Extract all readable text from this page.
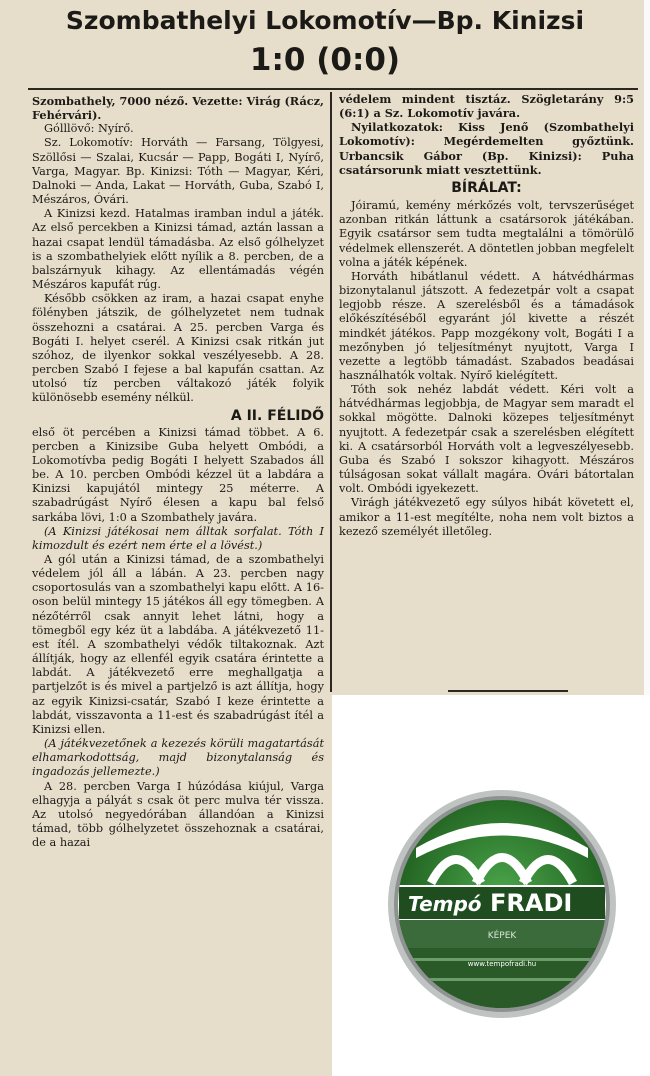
Szombathelyi Lokomotív—Bp. Kinizsi
1:0 (0:0)

Szombathely, 7000 néző. Vezette: Virág (Rácz, Fehérvári).

Gólllövő: Nyírő.

Sz. Lokomotív: Horváth — Farsang, Tölgyesi, Szöllősi — Szalai, Kucsár — Papp, Bogáti I, Nyírő, Varga, Magyar. Bp. Kinizsi: Tóth — Magyar, Kéri, Dalnoki — Anda, Lakat — Horváth, Guba, Szabó I, Mészáros, Óvári.

A Kinizsi kezd. Hatalmas iramban indul a játék. Az első percekben a Kinizsi támad, aztán lassan a hazai csapat lendül támadásba. Az első gólhelyzet is a szombathelyiek előtt nyílik a 8. percben, de a balszárnyuk kihagy. Az ellentámadás végén Mészáros kapufát rúg.

Később csökken az iram, a hazai csapat enyhe fölényben játszik, de gólhelyzetet nem tudnak összehozni a csatárai. A 25. percben Varga és Bogáti I. helyet cserél. A Kinizsi csak ritkán jut szóhoz, de ilyenkor sokkal veszélyesebb. A 28. percben Szabó I fejese a bal kapufán csattan. Az utolsó tíz percben váltakozó játék folyik különösebb esemény nélkül.

A II. FÉLIDŐ

első öt percében a Kinizsi támad többet. A 6. percben a Kinizsibe Guba helyett Ombódi, a Lokomotívba pedig Bogáti I helyett Szabados áll be. A 10. percben Ombódi kézzel üt a labdára a Kinizsi kapujától mintegy 25 méterre. A szabadrúgást Nyírő élesen a kapu bal felső sarkába lövi, 1:0 a Szombathely javára.

(A Kinizsi játékosai nem álltak sorfalat. Tóth I kimozdult és ezért nem érte el a lövést.)

A gól után a Kinizsi támad, de a szombathelyi védelem jól áll a lábán. A 23. percben nagy csoportosulás van a szombathelyi kapu előtt. A 16-oson belül mintegy 15 játékos áll egy tömegben. A nézőtérről csak annyit lehet látni, hogy a tömegből egy kéz üt a labdába. A játékvezető 11-est ítél. A szombathelyi védők tiltakoznak. Azt állítják, hogy az ellenfél egyik csatára érintette a labdát. A játékvezető erre meghallgatja a partjelzőt is és mivel a partjelző is azt állítja, hogy az egyik Kinizsi-csatár, Szabó I keze érintette a labdát, visszavonta a 11-est és szabadrúgást ítél a Kinizsi ellen.

(A játékvezetőnek a kezezés körüli magatartását elhamarkodottság, majd bizonytalanság és ingadozás jellemezte.)

A 28. percben Varga I húzódása kiújul, Varga elhagyja a pályát s csak öt perc mulva tér vissza. Az utolsó negyedórában állandóan a Kinizsi támad, több gólhelyzetet összehoznak a csatárai, de a hazai

védelem mindent tisztáz. Szögletarány 9:5 (6:1) a Sz. Lokomotív javára.

Nyilatkozatok: Kiss Jenő (Szombathelyi Lokomotív): Megérdemelten győztünk. Urbancsik Gábor (Bp. Kinizsi): Puha csatársorunk miatt vesztettünk.

BÍRÁLAT:

Jóiramú, kemény mérkőzés volt, tervszerűséget azonban ritkán láttunk a csatársorok játékában. Egyik csatársor sem tudta megtalálni a tömörülő védelmek ellenszerét. A döntetlen jobban megfelelt volna a játék képének.

Horváth hibátlanul védett. A hátvédhármas bizonytalanul játszott. A fedezetpár volt a csapat legjobb része. A szerelésből és a támadások előkészítéséből egyaránt jól kivette a részét mindkét játékos. Papp mozgékony volt, Bogáti I a mezőnyben jó teljesítményt nyujtott, Varga I vezette a legtöbb támadást. Szabados beadásai használhatók voltak. Nyírő kielégített.

Tóth sok nehéz labdát védett. Kéri volt a hátvédhármas legjobbja, de Magyar sem maradt el sokkal mögötte. Dalnoki közepes teljesítményt nyujtott. A fedezetpár csak a szerelésben elégített ki. A csatársorból Horváth volt a legveszélyesebb. Guba és Szabó I sokszor kihagyott. Mészáros túlságosan sokat vállalt magára. Óvári bátortalan volt. Ombódi igyekezett.

Virágh játékvezető egy súlyos hibát követett el, amikor a 11-est megítélte, noha nem volt biztos a kezező személyét illetőleg.

Tempó FRADI
KÉPEK
www.tempofradi.hu
